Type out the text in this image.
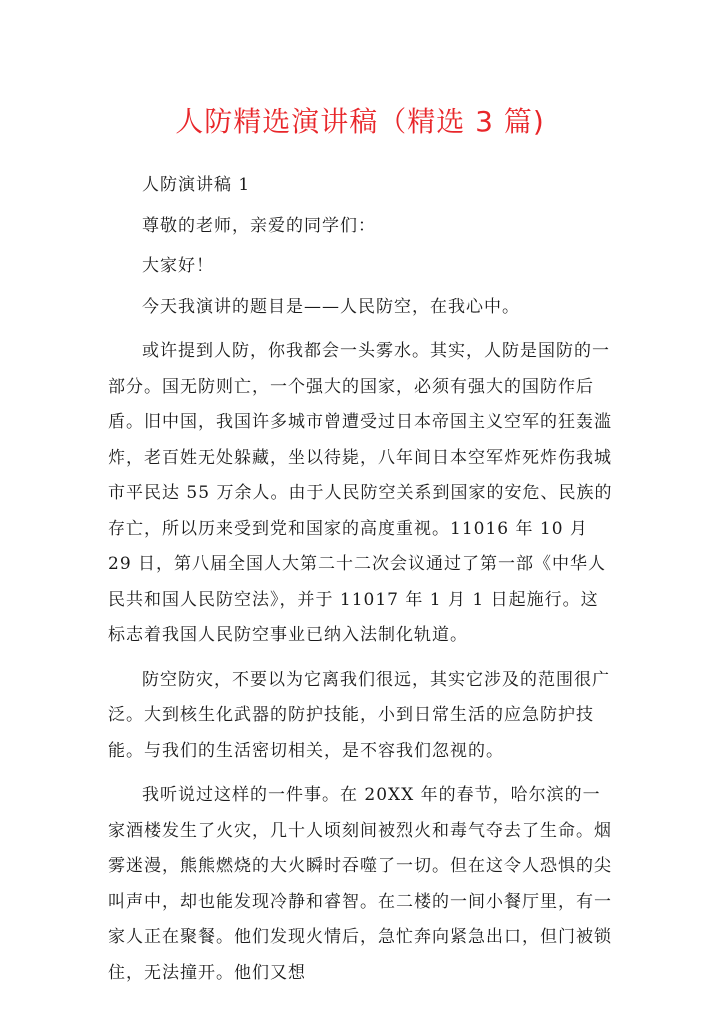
人防精选演讲稿（精选 3 篇)

人防演讲稿 1

尊敬的老师，亲爱的同学们：

大家好！

今天我演讲的题目是——人民防空，在我心中。

或许提到人防，你我都会一头雾水。其实，人防是国防的一部分。国无防则亡，一个强大的国家，必须有强大的国防作后盾。旧中国，我国许多城市曾遭受过日本帝国主义空军的狂轰滥炸，老百姓无处躲藏，坐以待毙，八年间日本空军炸死炸伤我城市平民达 55 万余人。由于人民防空关系到国家的安危、民族的存亡，所以历来受到党和国家的高度重视。11016 年 10 月 29 日，第八届全国人大第二十二次会议通过了第一部《中华人民共和国人民防空法》，并于 11017 年 1 月 1 日起施行。这标志着我国人民防空事业已纳入法制化轨道。

防空防灾，不要以为它离我们很远，其实它涉及的范围很广泛。大到核生化武器的防护技能，小到日常生活的应急防护技能。与我们的生活密切相关，是不容我们忽视的。

我听说过这样的一件事。在 20XX 年的春节，哈尔滨的一家酒楼发生了火灾，几十人顷刻间被烈火和毒气夺去了生命。烟雾迷漫，熊熊燃烧的大火瞬时吞噬了一切。但在这令人恐惧的尖叫声中，却也能发现冷静和睿智。在二楼的一间小餐厅里，有一家人正在聚餐。他们发现火情后，急忙奔向紧急出口，但门被锁住，无法撞开。他们又想
